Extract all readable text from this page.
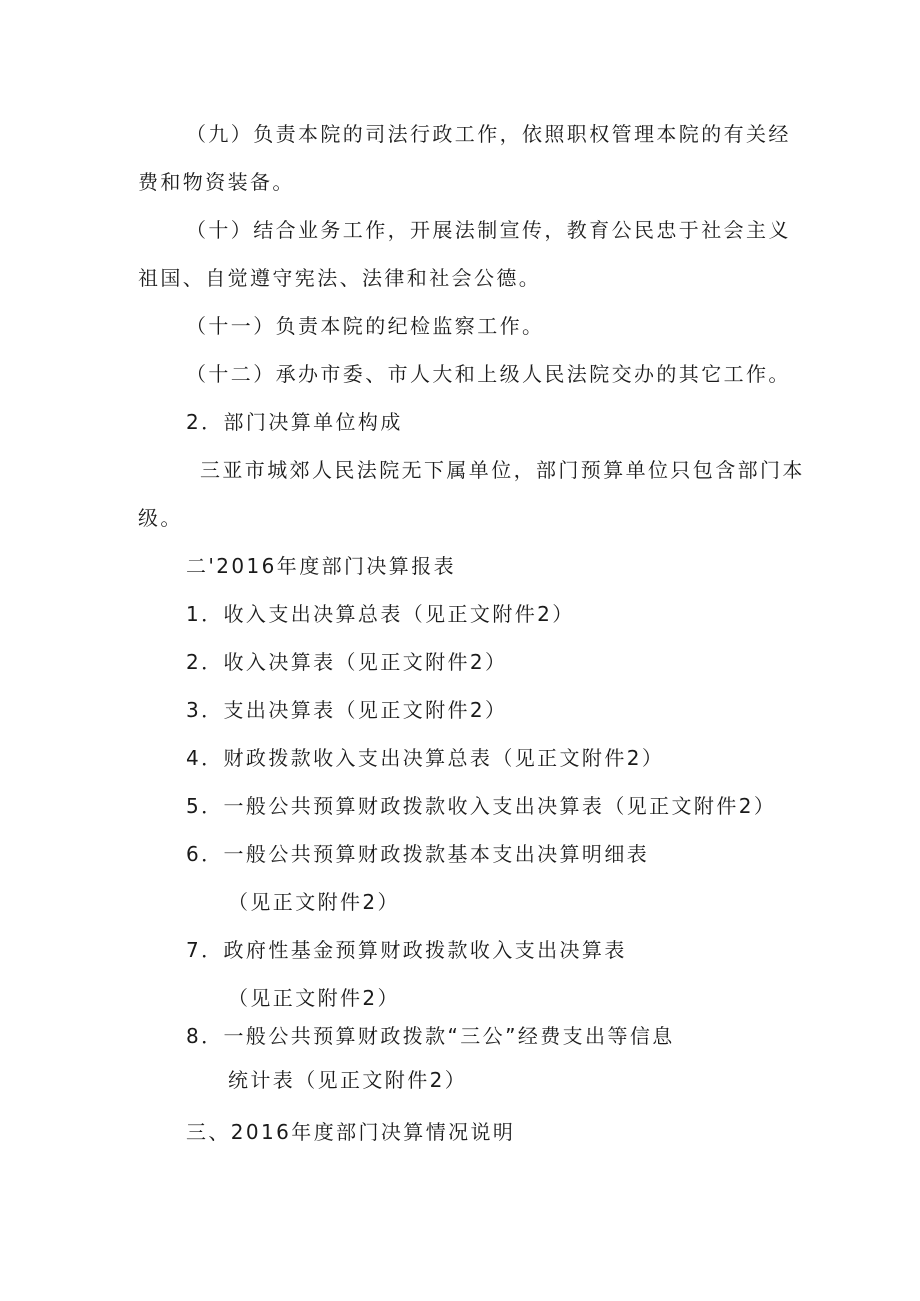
（九）负责本院的司法行政工作，依照职权管理本院的有关经
费和物资装备。
（十）结合业务工作，开展法制宣传，教育公民忠于社会主义
祖国、自觉遵守宪法、法律和社会公德。
（十一）负责本院的纪检监察工作。
（十二）承办市委、市人大和上级人民法院交办的其它工作。
2．部门决算单位构成
三亚市城郊人民法院无下属单位，部门预算单位只包含部门本
级。
二'2016年度部门决算报表
1．收入支出决算总表（见正文附件2）
2．收入决算表（见正文附件2）
3．支出决算表（见正文附件2）
4．财政拨款收入支出决算总表（见正文附件2）
5．一般公共预算财政拨款收入支出决算表（见正文附件2）
6．一般公共预算财政拨款基本支出决算明细表
（见正文附件2）
7．政府性基金预算财政拨款收入支出决算表
（见正文附件2）
8．一般公共预算财政拨款“三公”经费支出等信息
统计表（见正文附件2）
三、2016年度部门决算情况说明
